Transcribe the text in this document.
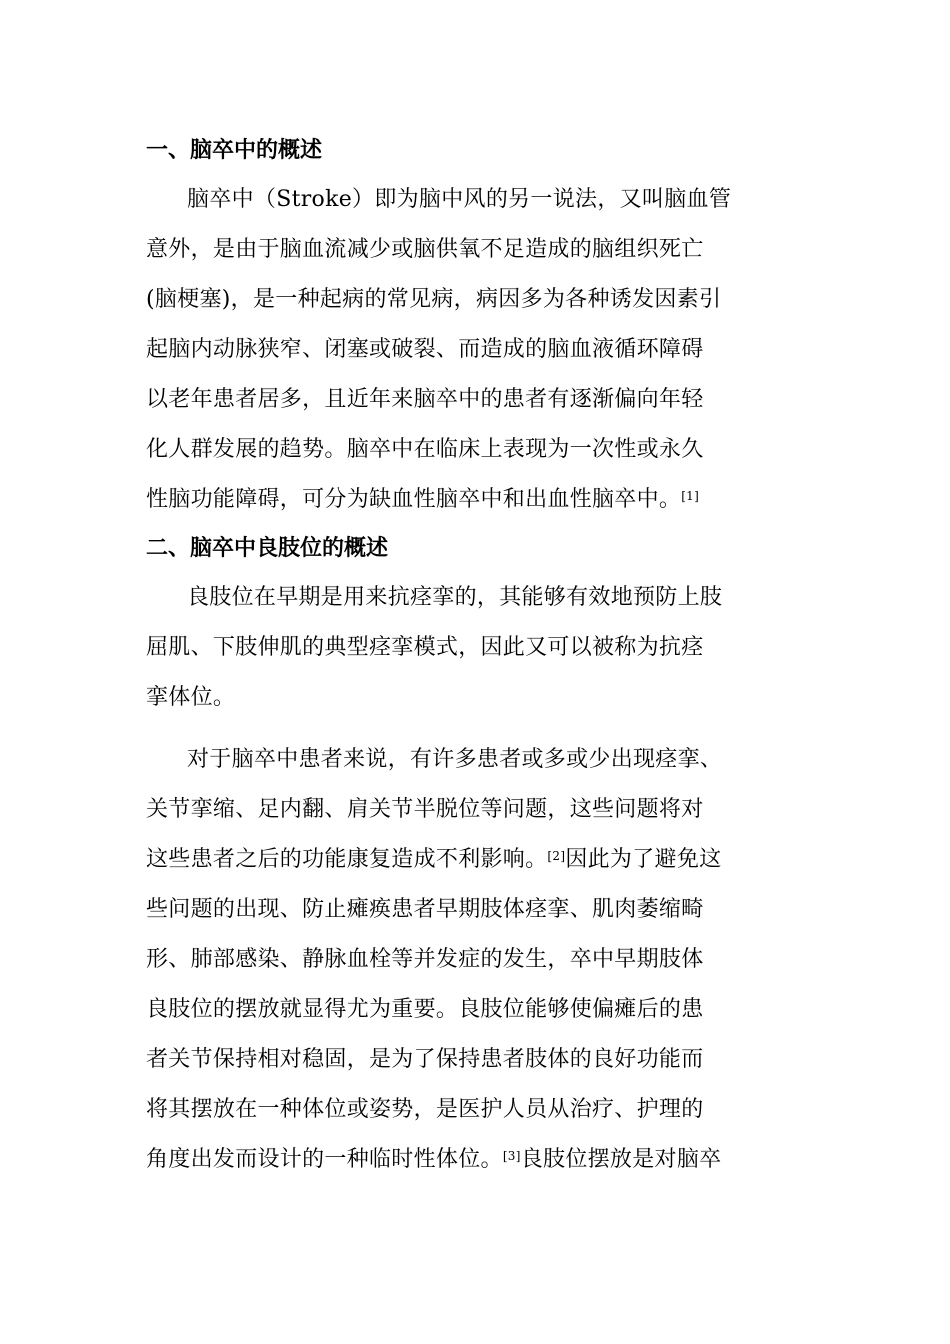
一、脑卒中的概述
脑卒中（Stroke）即为脑中风的另一说法，又叫脑血管
意外，是由于脑血流减少或脑供氧不足造成的脑组织死亡
(脑梗塞)，是一种起病的常见病，病因多为各种诱发因素引
起脑内动脉狭窄、闭塞或破裂、而造成的脑血液循环障碍
以老年患者居多，且近年来脑卒中的患者有逐渐偏向年轻
化人群发展的趋势。脑卒中在临床上表现为一次性或永久
性脑功能障碍，可分为缺血性脑卒中和出血性脑卒中。[1]
二、脑卒中良肢位的概述
良肢位在早期是用来抗痉挛的，其能够有效地预防上肢
屈肌、下肢伸肌的典型痉挛模式，因此又可以被称为抗痉
挛体位。
对于脑卒中患者来说，有许多患者或多或少出现痉挛、
关节挛缩、足内翻、肩关节半脱位等问题，这些问题将对
这些患者之后的功能康复造成不利影响。[2]因此为了避免这
些问题的出现、防止瘫痪患者早期肢体痉挛、肌肉萎缩畸
形、肺部感染、静脉血栓等并发症的发生，卒中早期肢体
良肢位的摆放就显得尤为重要。良肢位能够使偏瘫后的患
者关节保持相对稳固，是为了保持患者肢体的良好功能而
将其摆放在一种体位或姿势，是医护人员从治疗、护理的
角度出发而设计的一种临时性体位。[3]良肢位摆放是对脑卒
